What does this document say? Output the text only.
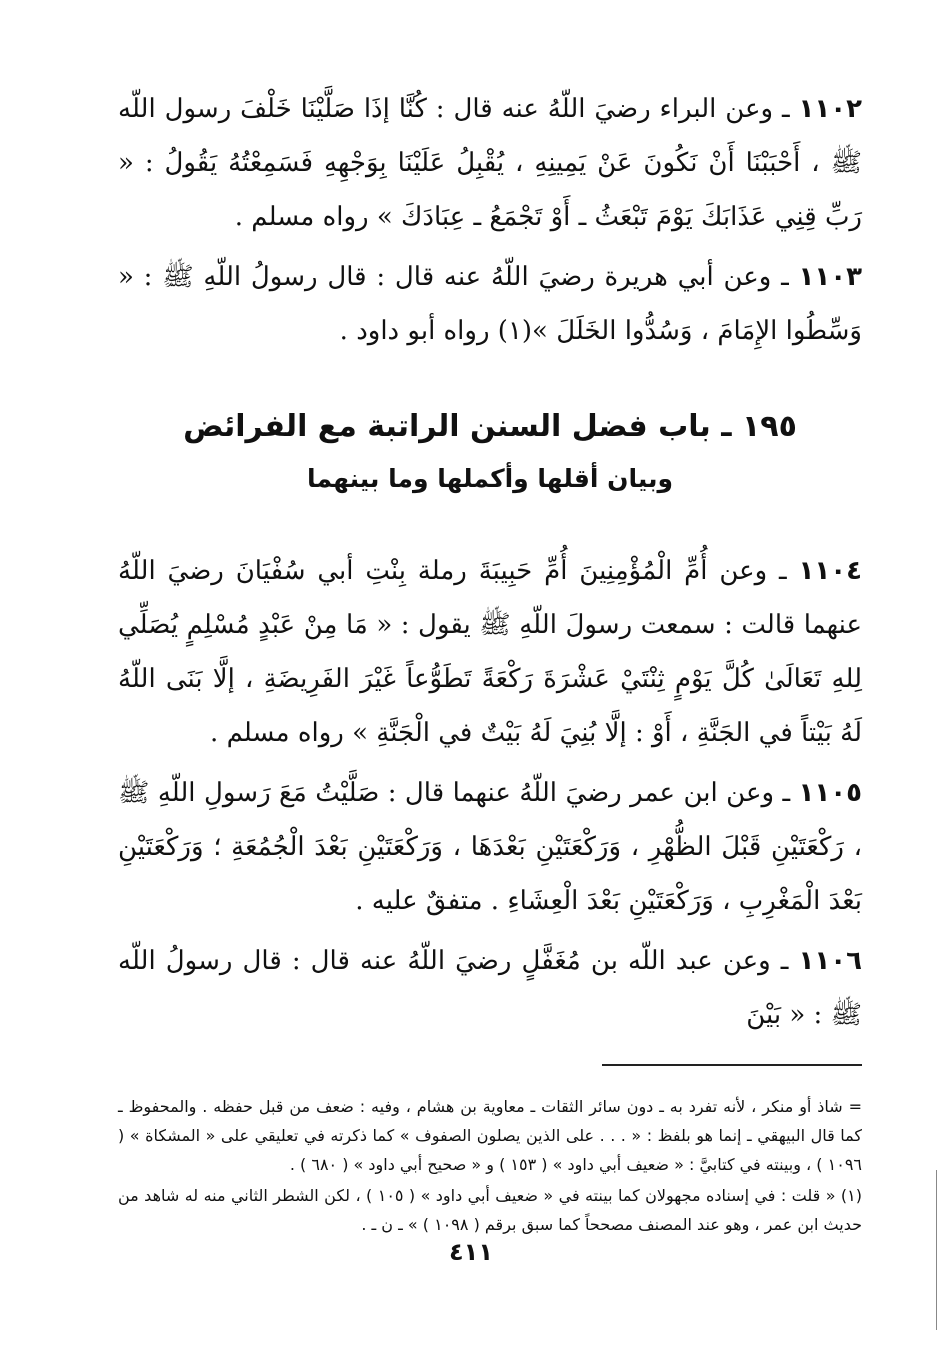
١١٠٢ ـ وعن البراء رضيَ اللّهُ عنه قال : كُنَّا إذَا صَلَّيْنَا خَلْفَ رسول اللّه ﷺ ، أَحْبَبْنَا أَنْ نَكُونَ عَنْ يَمِينِهِ ، يُقْبِلُ عَلَيْنَا بِوَجْهِهِ فَسَمِعْتُهُ يَقُولُ : « رَبِّ قِنِي عَذَابَكَ يَوْمَ تَبْعَثُ ـ أَوْ تَجْمَعُ ـ عِبَادَكَ » رواه مسلم .

١١٠٣ ـ وعن أبي هريرة رضيَ اللّهُ عنه قال : قال رسولُ اللّهِ ﷺ : « وَسِّطُوا الإِمَامَ ، وَسُدُّوا الخَلَلَ »(١) رواه أبو داود .

١٩٥ ـ باب فضل السنن الراتبة مع الفرائض
وبيان أقلها وأكملها وما بينهما

١١٠٤ ـ وعن أُمِّ الْمُؤْمِنِينَ أُمِّ حَبِيبَةَ رملة بِنْتِ أبي سُفْيَانَ رضيَ اللّهُ عنهما قالت : سمعت رسولَ اللّهِ ﷺ يقول : « مَا مِنْ عَبْدٍ مُسْلِمٍ يُصَلِّي لِلهِ تَعَالَىٰ كُلَّ يَوْمٍ ثِنْتَيْ عَشْرَةَ رَكْعَةً تَطَوُّعاً غَيْرَ الفَرِيضَةِ ، إلَّا بَنَى اللّهُ لَهُ بَيْتاً في الجَنَّةِ ، أَوْ : إلَّا بُنِيَ لَهُ بَيْتٌ في الْجَنَّةِ » رواه مسلم .

١١٠٥ ـ وعن ابن عمر رضيَ اللّهُ عنهما قال : صَلَّيْتُ مَعَ رَسولِ اللّهِ ﷺ ، رَكْعَتَيْنِ قَبْلَ الظُّهْرِ ، وَرَكْعَتَيْنِ بَعْدَهَا ، وَرَكْعَتَيْنِ بَعْدَ الْجُمُعَةِ ؛ وَرَكْعَتَيْنِ بَعْدَ الْمَغْرِبِ ، وَرَكْعَتَيْنِ بَعْدَ الْعِشَاءِ . متفقٌ عليه .

١١٠٦ ـ وعن عبد اللّه بن مُغَفَّلٍ رضيَ اللّهُ عنه قال : قال رسولُ اللّه ﷺ : « بَيْنَ

= شاذ أو منكر ، لأنه تفرد به ـ دون سائر الثقات ـ معاوية بن هشام ، وفيه : ضعف من قبل حفظه . والمحفوظ ـ كما قال البيهقي ـ إنما هو بلفظ : « . . . على الذين يصلون الصفوف » كما ذكرته في تعليقي على « المشكاة » ( ١٠٩٦ ) ، وبينته في كتابيَّ : « ضعيف أبي داود » ( ١٥٣ ) و « صحيح أبي داود » ( ٦٨٠ ) .

(١) « قلت : في إسناده مجهولان كما بينته في « ضعيف أبي داود » ( ١٠٥ ) ، لكن الشطر الثاني منه له شاهد من حديث ابن عمر ، وهو عند المصنف مصححاً كما سبق برقم ( ١٠٩٨ ) » ـ ن ـ .

٤١١
